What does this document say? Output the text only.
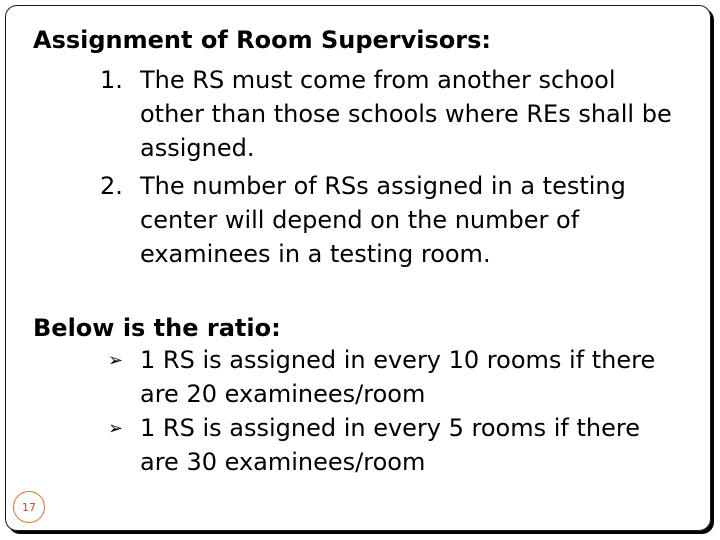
Assignment of Room Supervisors:
1. The RS must come from another school
other than those schools where REs shall be
assigned.
2. The number of RSs assigned in a testing
center will depend on the number of
examinees in a testing room.
Below is the ratio:
➢ 1 RS is assigned in every 10 rooms if there
are 20 examinees/room
➢ 1 RS is assigned in every 5 rooms if there
are 30 examinees/room
17
